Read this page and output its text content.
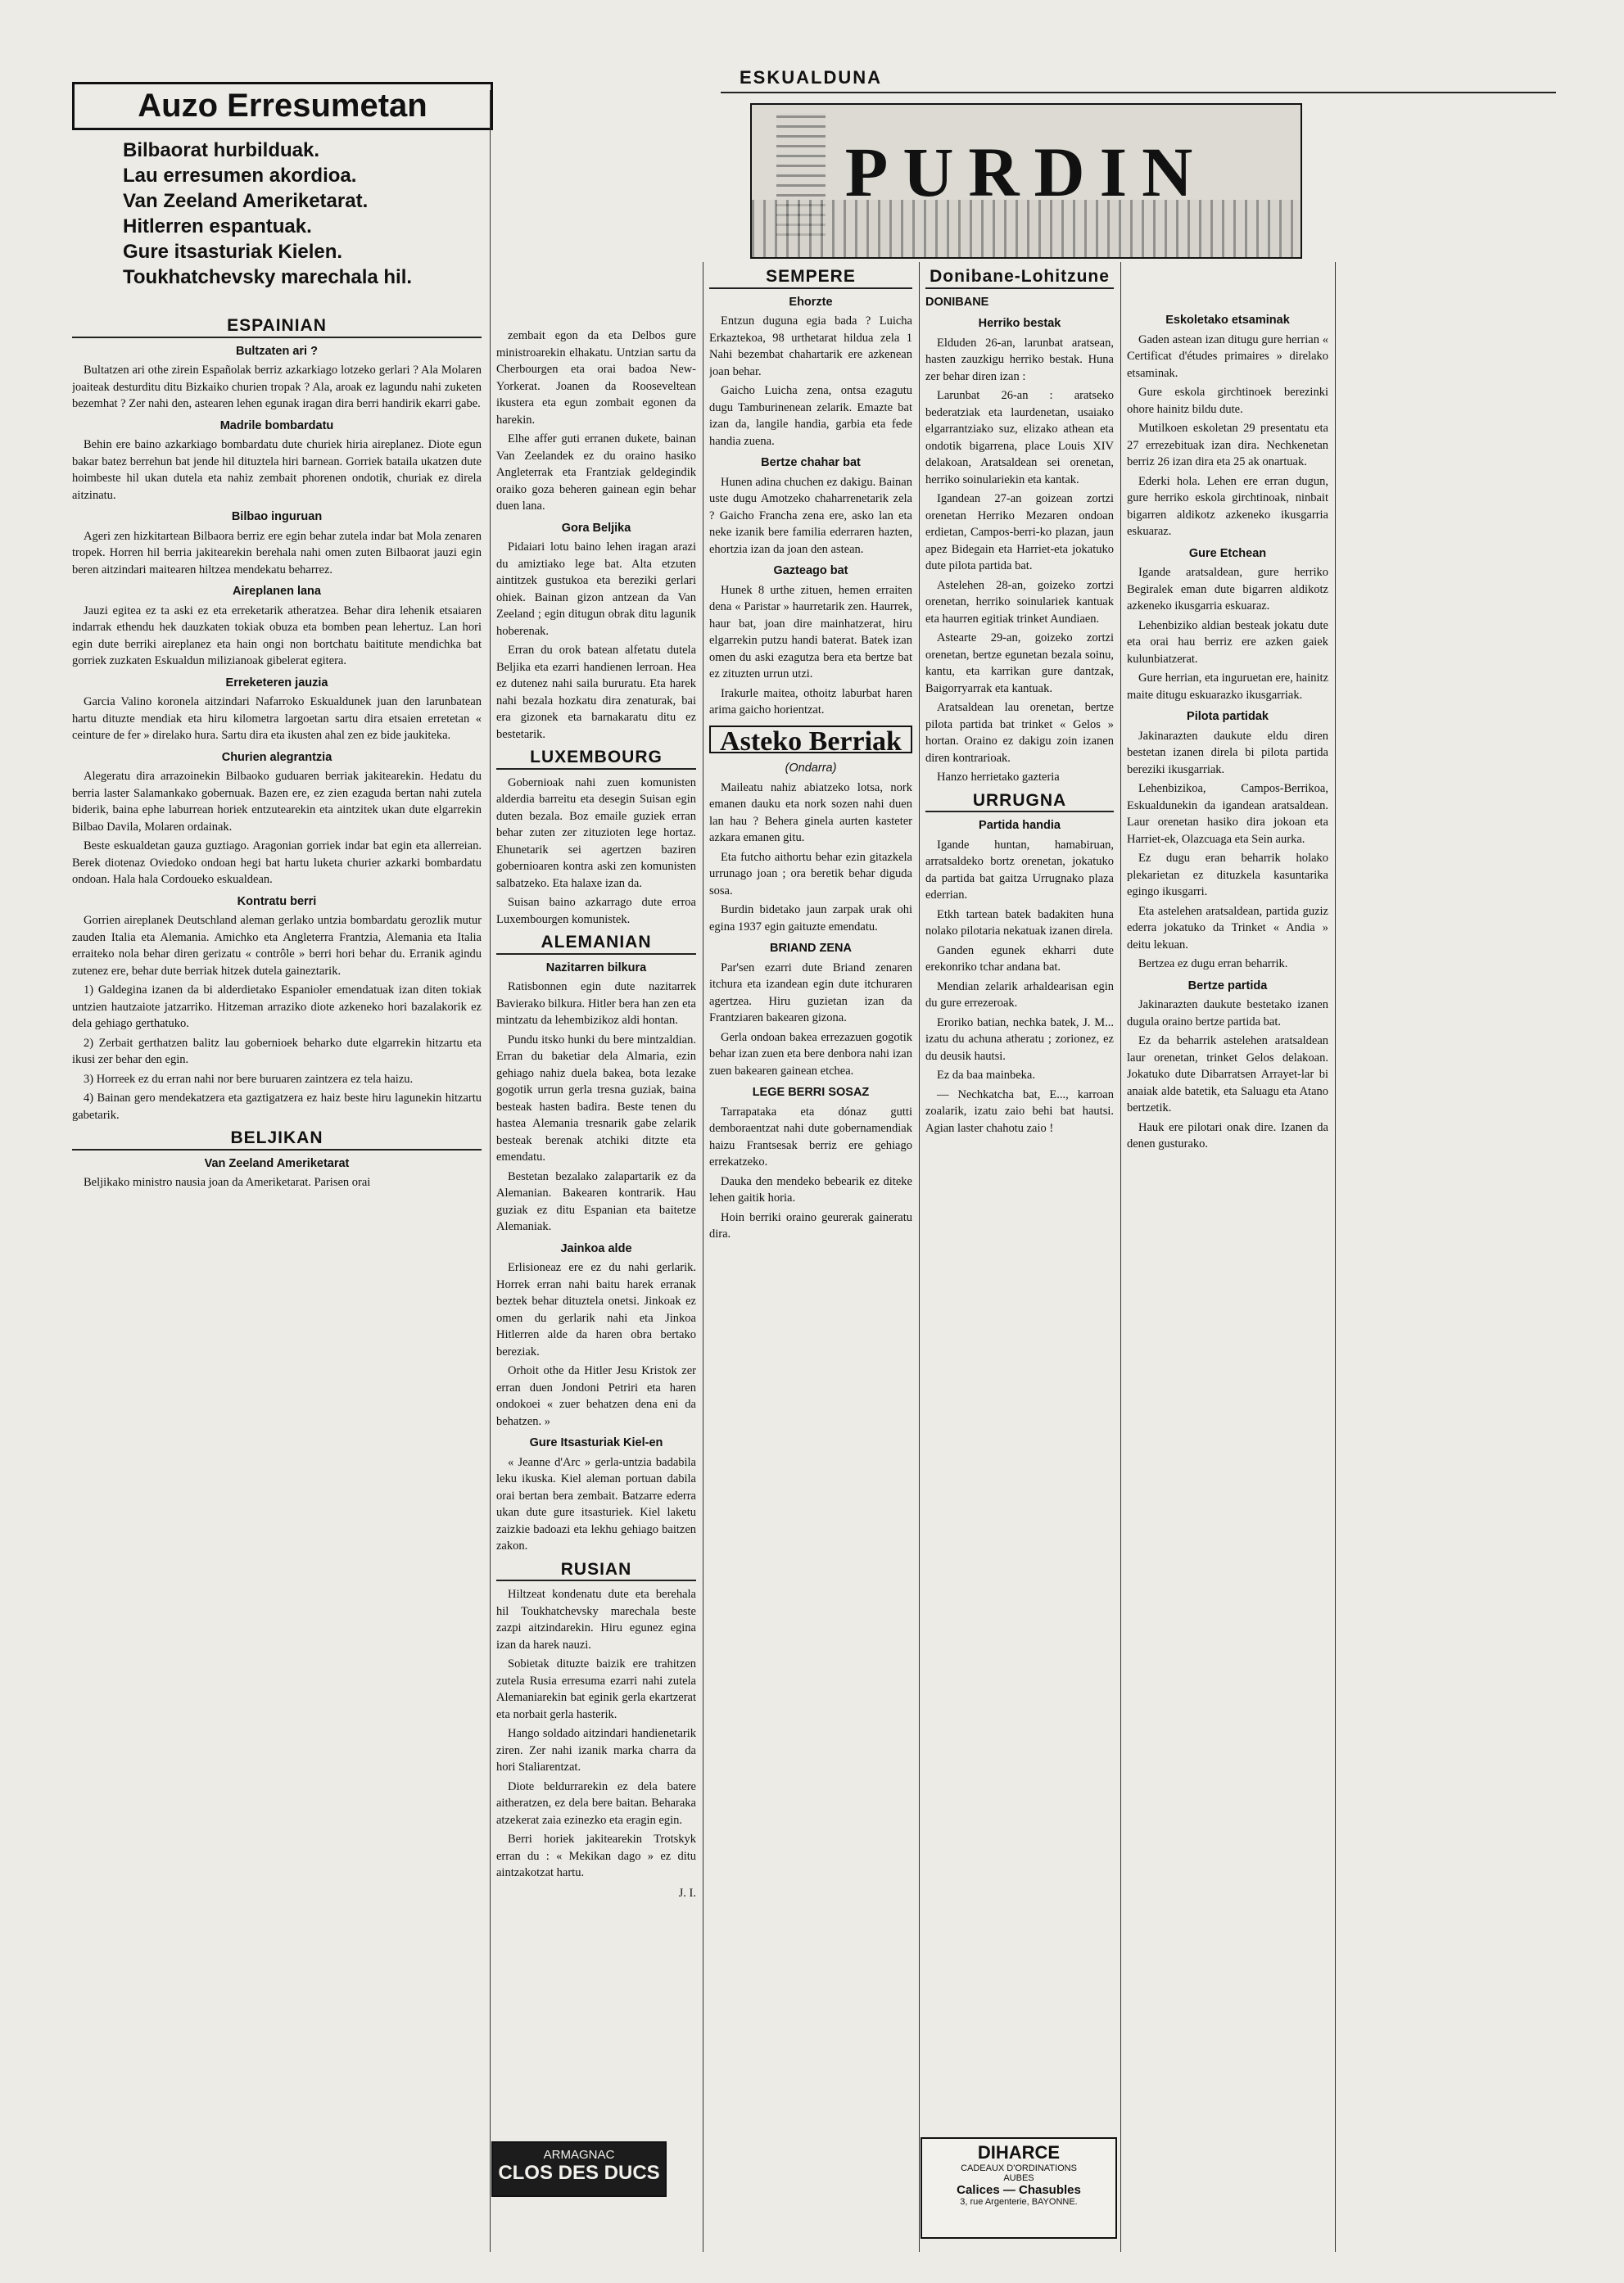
ESKUALDUNA
Auzo Erresumetan
Bilbaorat hurbilduak.
Lau erresumen akordioa.
Van Zeeland Ameriketarat.
Hitlerren espantuak.
Gure itsasturiak Kielen.
Toukhatchevsky marechala hil.
PURDIN
ESPAINIAN
Bultzaten ari ?

Bultatzen ari othe zirein Españolak berriz azkarkiago lotzeko gerlari ? Ala Molaren joaiteak desturditu ditu Bizkaiko churien tropak ? Ala, aroak ez lagundu nahi zuketen bezemhat ? Zer nahi den, astearen lehen egunak iragan dira berri handirik ekarri gabe.

Madrile bombardatu

Behin ere baino azkarkiago bombardatu dute churiek hiria aireplanez. Diote egun bakar batez berrehun bat jende hil dituztela hiri barnean. Gorriek bataila ukatzen dute hoimbeste hil ukan dutela eta nahiz zembait phorenen ondotik, churiak ez direla aitzinatu.

Bilbao inguruan

Ageri zen hizkitartean Bilbaora berriz ere egin behar zutela indar bat Mola zenaren tropek. Horren hil berria jakitearekin berehala nahi omen zuten Bilbaorat jauzi egin beren aitzindari maitearen hiltzea mendekatu beharrez.

Aireplanen lana

Jauzi egitea ez ta aski ez eta erreketarik atheratzea. Behar dira lehenik etsaiaren indarrak ethendu hek dauzkaten tokiak obuza eta bomben pean lehertuz. Lan hori egin dute berriki aireplanez eta hain ongi non bortchatu baititute mendichka bat gorriek zuzkaten Eskualdun milizianoak gibelerat egitera.

Erreketeren jauzia

Garcia Valino koronela aitzindari Nafarroko Eskualdunek juan den larunbatean hartu dituzte mendiak eta hiru kilometra largoetan sartu dira etsaien erretetan « ceinture de fer » direlako hura. Sartu dira eta ikusten ahal zen ez bide jaukiteka.

Churien alegrantzia

Alegeratu dira arrazoinekin Bilbaoko guduaren berriak jakitearekin. Hedatu du berria laster Salamankako gobernuak. Bazen ere, ez zien ezaguda bertan nahi zutela biderik, baina ephe laburrean horiek entzutearekin eta aintzitek ukan dute elgarrekin Bilbao Davila, Molaren ordainak.

Beste eskualdetan gauza guztiago. Aragonian gorriek indar bat egin eta allerreian. Berek diotenaz Oviedoko ondoan hegi bat hartu luketa churier azkarki bombardatu ondoan. Hala hala Cordoueko eskualdean.

Kontratu berri

Gorrien aireplanek Deutschland aleman gerlako untzia bombardatu gerozlik mutur zauden Italia eta Alemania. Amichko eta Angleterra Frantzia, Alemania eta Italia erraiteko nola behar diren gerizatu « contrôle » berri hori behar du. Erranik agindu zutenez ere, behar dute berriak hitzek dutela gaineztarik.

1) Galdegina izanen da bi alderdietako Espanioler emendatuak izan diten tokiak untzien hautzaiote jatzarriko. Hitzeman arraziko diote azkeneko hori bazalakorik ez dela gehiago gerthatuko.

2) Zerbait gerthatzen balitz lau gobernioek beharko dute elgarrekin hitzartu eta ikusi zer behar den egin.

3) Horreek ez du erran nahi nor bere buruaren zaintzera ez tela haizu.

4) Bainan gero mendekatzera eta gaztigatzera ez haiz beste hiru lagunekin hitzartu gabetarik.

BELJIKAN
Van Zeeland Ameriketarat

Beljikako ministro nausia joan da Ameriketarat. Parisen orai

zembait egon da eta Delbos gure ministroarekin elhakatu. Untzian sartu da Cherbourgen eta orai badoa New-Yorkerat. Joanen da Rooseveltean ikustera eta egun zombait egonen da harekin.

Elhe affer guti erranen dukete, bainan Van Zeelandek ez du oraino hasiko Angleterrak eta Frantziak geldegindik oraiko goza beheren gainean egin behar duen lana.

Gora Beljika

Pidaiari lotu baino lehen iragan arazi du amiztiako lege bat. Alta etzuten aintitzek gustukoa eta bereziki gerlari ohiek. Bainan gizon antzean da Van Zeeland ; egin ditugun obrak ditu lagunik hoberenak.

Erran du orok batean alfetatu dutela Beljika eta ezarri handienen lerroan. Hea ez dutenez nahi saila bururatu. Eta harek nahi bezala hozkatu dira zenaturak, bai era gizonek eta barnakaratu ditu ez bestetarik.

LUXEMBOURG

Gobernioak nahi zuen komunisten alderdia barreitu eta desegin Suisan egin duten bezala. Boz emaile guziek erran behar zuten zer zituzioten lege hortaz. Ehunetarik sei agertzen baziren gobernioaren kontra aski zen komunisten salbatzeko. Eta halaxe izan da.

Suisan baino azkarrago dute erroa Luxembourgen komunistek.

ALEMANIAN
Nazitarren bilkura

Ratisbonnen egin dute nazitarrek Bavierako bilkura. Hitler bera han zen eta mintzatu da lehembizikoz aldi hontan.

Pundu itsko hunki du bere mintzaldian. Erran du baketiar dela Almaria, ezin gehiago nahiz duela bakea, bota lezake gogotik urrun gerla tresna guziak, baina besteak hasten badira. Beste tenen du hastea Alemania tresnarik gabe zelarik besteak berenak atchiki ditzte eta emendatu.

Bestetan bezalako zalapartarik ez da Alemanian. Bakearen kontrarik. Hau guziak ez ditu Espanian eta baitetze Alemaniak.

Jainkoa alde

Erlisioneaz ere ez du nahi gerlarik. Horrek erran nahi baitu harek erranak beztek behar dituztela onetsi. Jinkoak ez omen du gerlarik nahi eta Jinkoa Hitlerren alde da haren obra bertako bereziak.

Orhoit othe da Hitler Jesu Kristok zer erran duen Jondoni Petriri eta haren ondokoei « zuer behatzen dena eni da behatzen. »

Gure Itsasturiak Kiel-en

« Jeanne d'Arc » gerla-untzia badabila leku ikuska. Kiel aleman portuan dabila orai bertan bera zembait. Batzarre ederra ukan dute gure itsasturiek. Kiel laketu zaizkie badoazi eta lekhu gehiago baitzen zakon.

RUSIAN

Hiltzeat kondenatu dute eta berehala hil Toukhatchevsky marechala beste zazpi aitzindarekin. Hiru egunez egina izan da harek nauzi.

Sobietak dituzte baizik ere trahitzen zutela Rusia erresuma ezarri nahi zutela Alemaniarekin bat eginik gerla ekartzerat eta norbait gerla hasterik.

Hango soldado aitzindari handienetarik ziren. Zer nahi izanik marka charra da hori Staliarentzat.

Diote beldurrarekin ez dela batere aitheratzen, ez dela bere baitan. Beharaka atzekerat zaia ezinezko eta eragin egin.

Berri horiek jakitearekin Trotskyk erran du : « Mekikan dago » ez ditu aintzakotzat hartu.

J. I.
SEMPERE
Ehorzte

Entzun duguna egia bada ? Luicha Erkaztekoa, 98 urthetarat hildua zela 1 Nahi bezembat chahartarik ere azkenean joan behar.

Gaicho Luicha zena, ontsa ezagutu dugu Tamburinenean zelarik. Emazte bat izan da, langile handia, garbia eta fede handia zuena.

Bertze chahar bat

Hunen adina chuchen ez dakigu. Bainan uste dugu Amotzeko chaharrenetarik zela ? Gaicho Francha zena ere, asko lan eta neke izanik bere familia ederraren hazten, ehortzia izan da joan den astean.

Gazteago bat

Hunek 8 urthe zituen, hemen erraiten dena « Paristar » haurretarik zen. Haurrek, haur bat, joan dire mainhatzerat, hiru elgarrekin putzu handi baterat. Batek izan omen du aski ezagutza bera eta bertze bat ez zituzten urrun utzi.

Irakurle maitea, othoitz laburbat haren arima gaicho horientzat.

Asteko Berriak
(Ondarra)

Maileatu nahiz abiatzeko lotsa, nork emanen dauku eta nork sozen nahi duen lan hau ? Behera ginela aurten kasteter azkara emanen gitu.

Eta futcho aithortu behar ezin gitazkela urrunago joan ; ora beretik behar diguda sosa.

Burdin bidetako jaun zarpak urak ohi egina 1937 egin gaituzte emendatu.

BRIAND ZENA

Par'sen ezarri dute Briand zenaren itchura eta izandean egin dute itchuraren agertzea. Hiru guzietan izan da Frantziaren bakearen gizona.

Gerla ondoan bakea errezazuen gogotik behar izan zuen eta bere denbora nahi izan zuen bakearen gainean etchea.

LEGE BERRI SOSAZ

Tarrapataka eta dónaz gutti demboraentzat nahi dute gobernamendiak haizu Frantsesak berriz ere gehiago errekatzeko.

Dauka den mendeko bebearik ez diteke lehen gaitik horia.

Hoin berriki oraino geurerak gaineratu dira.

ARMAGNAC
CLOS DES DUCS
Donibane-Lohitzune
DONIBANE
Herriko bestak

Elduden 26-an, larunbat aratsean, hasten zauzkigu herriko bestak. Huna zer behar diren izan :

Larunbat 26-an : aratseko bederatziak eta laurdenetan, usaiako elgarrantziako suz, elizako athean eta ondotik bigarrena, place Louis XIV delakoan, Aratsaldean sei orenetan, herriko soinulariekin eta kantak.

Igandean 27-an goizean zortzi orenetan Herriko Mezaren ondoan erdietan, Campos-berri-ko plazan, jaun apez Bidegain eta Harriet-eta jokatuko dute pilota partida bat.

Astelehen 28-an, goizeko zortzi orenetan, herriko soinulariek kantuak eta haurren egitiak trinket Aundiaen.

Astearte 29-an, goizeko zortzi orenetan, bertze egunetan bezala soinu, kantu, eta karrikan gure dantzak, Baigorryarrak eta kantuak.

Aratsaldean lau orenetan, bertze pilota partida bat trinket « Gelos » hortan. Oraino ez dakigu zoin izanen diren kontrarioak.

Hanzo herrietako gazteria

URRUGNA
Partida handia

Igande huntan, hamabiruan, arratsaldeko bortz orenetan, jokatuko da partida bat gaitza Urrugnako plaza ederrian.

Etkh tartean batek badakiten huna nolako pilotaria nekatuak izanen direla.

Ganden egunek ekharri dute erekonriko tchar andana bat.

Mendian zelarik arhaldearisan egin du gure errezeroak.

Eroriko batian, nechka batek, J. M... izatu du achuna atheratu ; zorionez, ez du deusik hautsi.

Ez da baa mainbeka.

— Nechkatcha bat, E..., karroan zoalarik, izatu zaio behi bat hautsi. Agian laster chahotu zaio !

Eskoletako etsaminak

Gaden astean izan ditugu gure herrian « Certificat d'études primaires » direlako etsaminak.

Gure eskola girchtinoek berezinki ohore hainitz bildu dute.

Mutilkoen eskoletan 29 presentatu eta 27 errezebituak izan dira. Nechkenetan berriz 26 izan dira eta 25 ak onartuak.

Ederki hola. Lehen ere erran dugun, gure herriko eskola girchtinoak, ninbait bigarren aldikotz azkeneko ikusgarria eskuaraz.

Gure Etchean

Igande aratsaldean, gure herriko Begiralek eman dute bigarren aldikotz azkeneko ikusgarria eskuaraz.

Lehenbiziko aldian besteak jokatu dute eta orai hau berriz ere azken gaiek kulunbiatzerat.

Gure herrian, eta inguruetan ere, hainitz maite ditugu eskuarazko ikusgarriak.

Pilota partidak

Jakinarazten daukute eldu diren bestetan izanen direla bi pilota partida bereziki ikusgarriak.

Lehenbizikoa, Campos-Berrikoa, Eskualdunekin da igandean aratsaldean. Laur orenetan hasiko dira jokoan eta Harriet-ek, Olazcuaga eta Sein aurka.

Ez dugu eran beharrik holako plekarietan ez dituzkela kasuntarika egingo ikusgarri.

Eta astelehen aratsaldean, partida guziz ederra jokatuko da Trinket « Andia » deitu lekuan.

Bertzea ez dugu erran beharrik.

Bertze partida

Jakinarazten daukute bestetako izanen dugula oraino bertze partida bat.

Ez da beharrik astelehen aratsaldean laur orenetan, trinket Gelos delakoan. Jokatuko dute Dibarratsen Arrayet-lar bi anaiak alde batetik, eta Saluagu eta Atano bertzetik.

Hauk ere pilotari onak dire. Izanen da denen gusturako.

DIHARCE
CADEAUX D'ORDINATIONS
AUBES
Calices — Chasubles
3, rue Argenterie, BAYONNE.
